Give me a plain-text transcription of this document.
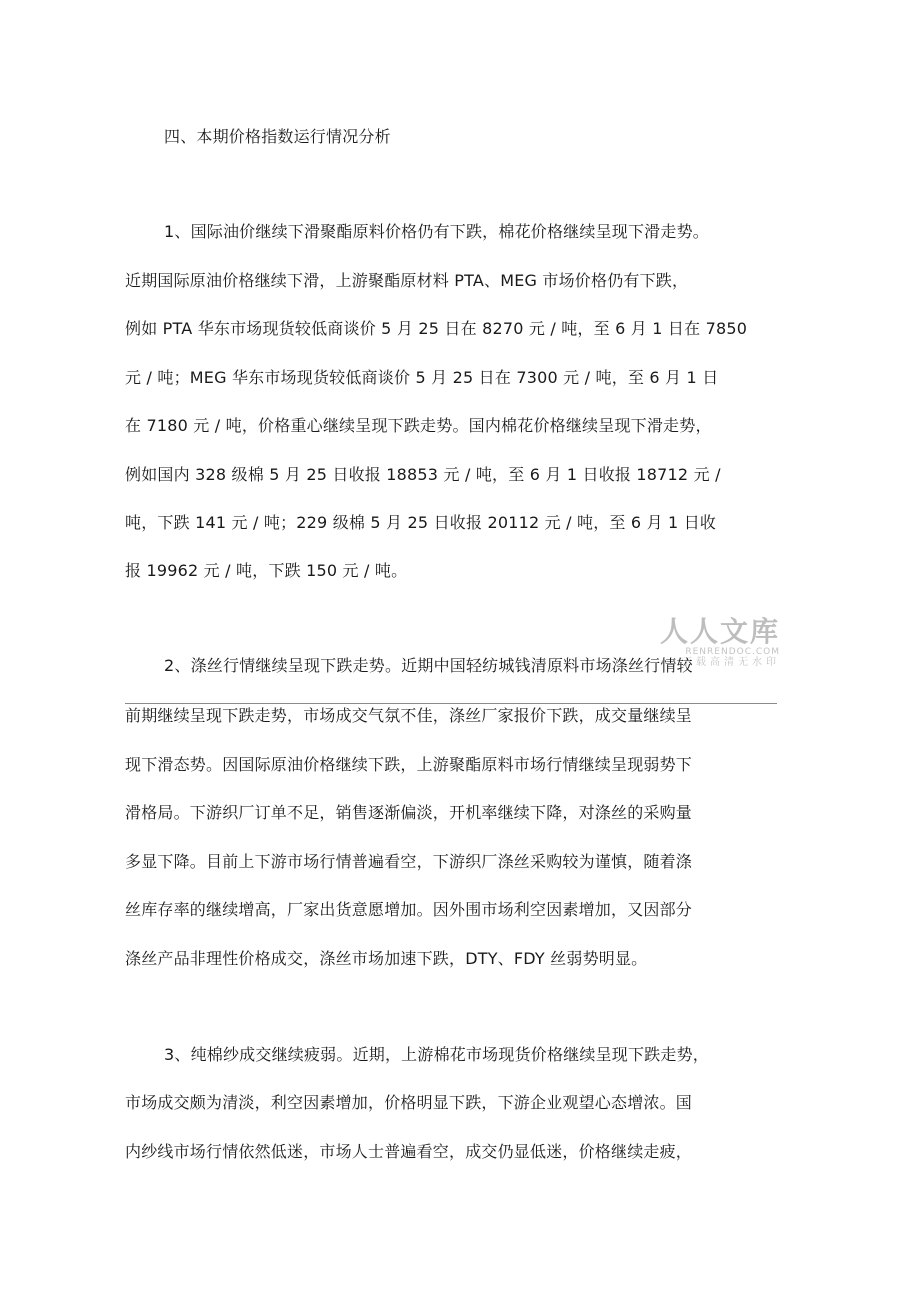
四、本期价格指数运行情况分析
1、国际油价继续下滑聚酯原料价格仍有下跌，棉花价格继续呈现下滑走势。
近期国际原油价格继续下滑，上游聚酯原材料 PTA、MEG 市场价格仍有下跌，
例如 PTA 华东市场现货较低商谈价 5 月 25 日在 8270 元 / 吨，至 6 月 1 日在 7850
元 / 吨；MEG 华东市场现货较低商谈价 5 月 25 日在 7300 元 / 吨，至 6 月 1 日
在 7180 元 / 吨，价格重心继续呈现下跌走势。国内棉花价格继续呈现下滑走势，
例如国内 328 级棉 5 月 25 日收报 18853 元 / 吨，至 6 月 1 日收报 18712 元 /
吨，下跌 141 元 / 吨；229 级棉 5 月 25 日收报 20112 元 / 吨，至 6 月 1 日收
报 19962 元 / 吨，下跌 150 元 / 吨。
人人文库
RENRENDOC.COM
下载高清无水印
2、涤丝行情继续呈现下跌走势。近期中国轻纺城钱清原料市场涤丝行情较
前期继续呈现下跌走势，市场成交气氛不佳，涤丝厂家报价下跌，成交量继续呈
现下滑态势。因国际原油价格继续下跌，上游聚酯原料市场行情继续呈现弱势下
滑格局。下游织厂订单不足，销售逐渐偏淡，开机率继续下降，对涤丝的采购量
多显下降。目前上下游市场行情普遍看空，下游织厂涤丝采购较为谨慎，随着涤
丝库存率的继续增高，厂家出货意愿增加。因外围市场利空因素增加，又因部分
涤丝产品非理性价格成交，涤丝市场加速下跌，DTY、FDY 丝弱势明显。
3、纯棉纱成交继续疲弱。近期，上游棉花市场现货价格继续呈现下跌走势，
市场成交颇为清淡，利空因素增加，价格明显下跌，下游企业观望心态增浓。国
内纱线市场行情依然低迷，市场人士普遍看空，成交仍显低迷，价格继续走疲，
